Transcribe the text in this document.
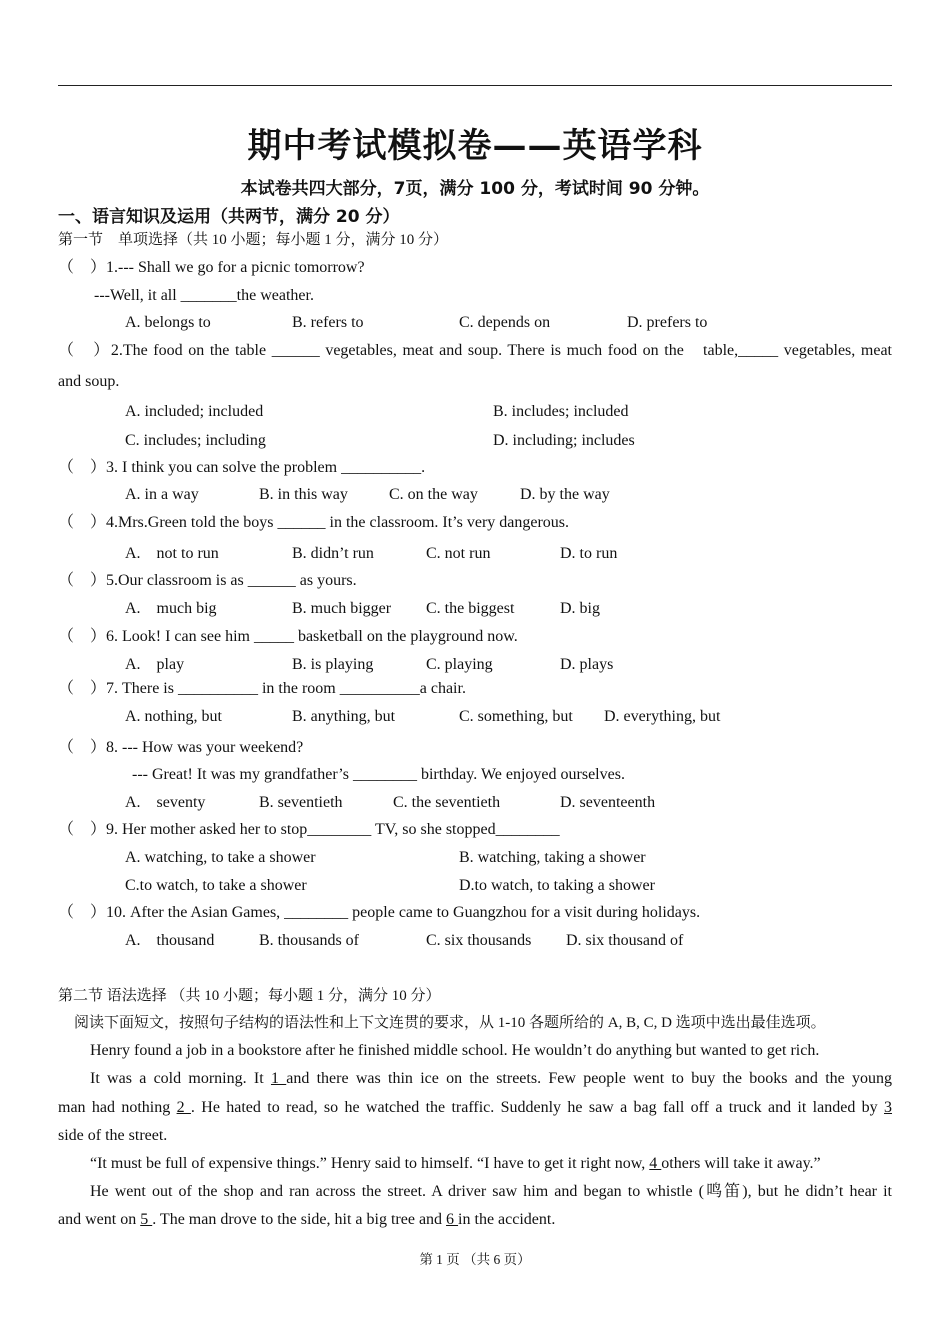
期中考试模拟卷——英语学科
本试卷共四大部分，7页，满分 100 分，考试时间 90 分钟。
一、语言知识及运用（共两节，满分 20 分）
第一节　单项选择（共 10 小题；每小题 1 分，满分 10 分）
（　）1.--- Shall we go for a picnic tomorrow?
---Well, it all _______the weather.
A. belongs to	B. refers to	C. depends on	D. prefers to
（　）2.The food on the table ______ vegetables, meat and soup. There is much food on the　table,_____ vegetables, meat
and soup.
A. included; included	B. includes; included
C. includes; including	D. including; includes
（　）3. I think you can solve the problem __________.
A. in a way	B. in this way	C. on the way	D. by the way
（　）4.Mrs.Green told the boys ______ in the classroom. It’s very dangerous.
A.　not to run	B. didn’t run	C. not run	D. to run
（　）5.Our classroom is as ______ as yours.
A.　much big	B. much bigger C. the biggest	D. big
（　）6. Look! I can see him _____ basketball on the playground now.
A.　play	B. is playing	C. playing	D. plays
（　）7. There is __________ in the room __________a chair.
A. nothing, but	B. anything, but	C. something, but D. everything, but
（　）8. --- How was your weekend?
--- Great! It was my grandfather’s ________ birthday. We enjoyed ourselves.
A.　seventy	B. seventieth	C. the seventieth	D. seventeenth
（　）9. Her mother asked her to stop________ TV, so she stopped________
A. watching, to take a shower	B. watching, taking a shower
C.to watch, to take a shower	D.to watch, to taking a shower
（　）10. After the Asian Games, ________ people came to Guangzhou for a visit during holidays.
A.　thousand	B. thousands of	C. six thousands D. six thousand of
第二节 语法选择 （共 10 小题；每小题 1 分，满分 10 分）
阅读下面短文，按照句子结构的语法性和上下文连贯的要求，从 1-10 各题所给的 A, B, C, D 选项中选出最佳选项。
Henry found a job in a bookstore after he finished middle school. He wouldn’t do anything but wanted to get rich.
It was a cold morning. It 1 and there was thin ice on the streets. Few people went to buy the books and the young
man had nothing 2 . He hated to read, so he watched the traffic. Suddenly he saw a bag fall off a truck and it landed by 3
side of the street.
“It must be full of expensive things.” Henry said to himself. “I have to get it right now, 4 others will take it away.”
He went out of the shop and ran across the street. A driver saw him and began to whistle (鸣笛), but he didn’t hear it
and went on 5 . The man drove to the side, hit a big tree and 6 in the accident.
第 1 页 （共 6 页）
